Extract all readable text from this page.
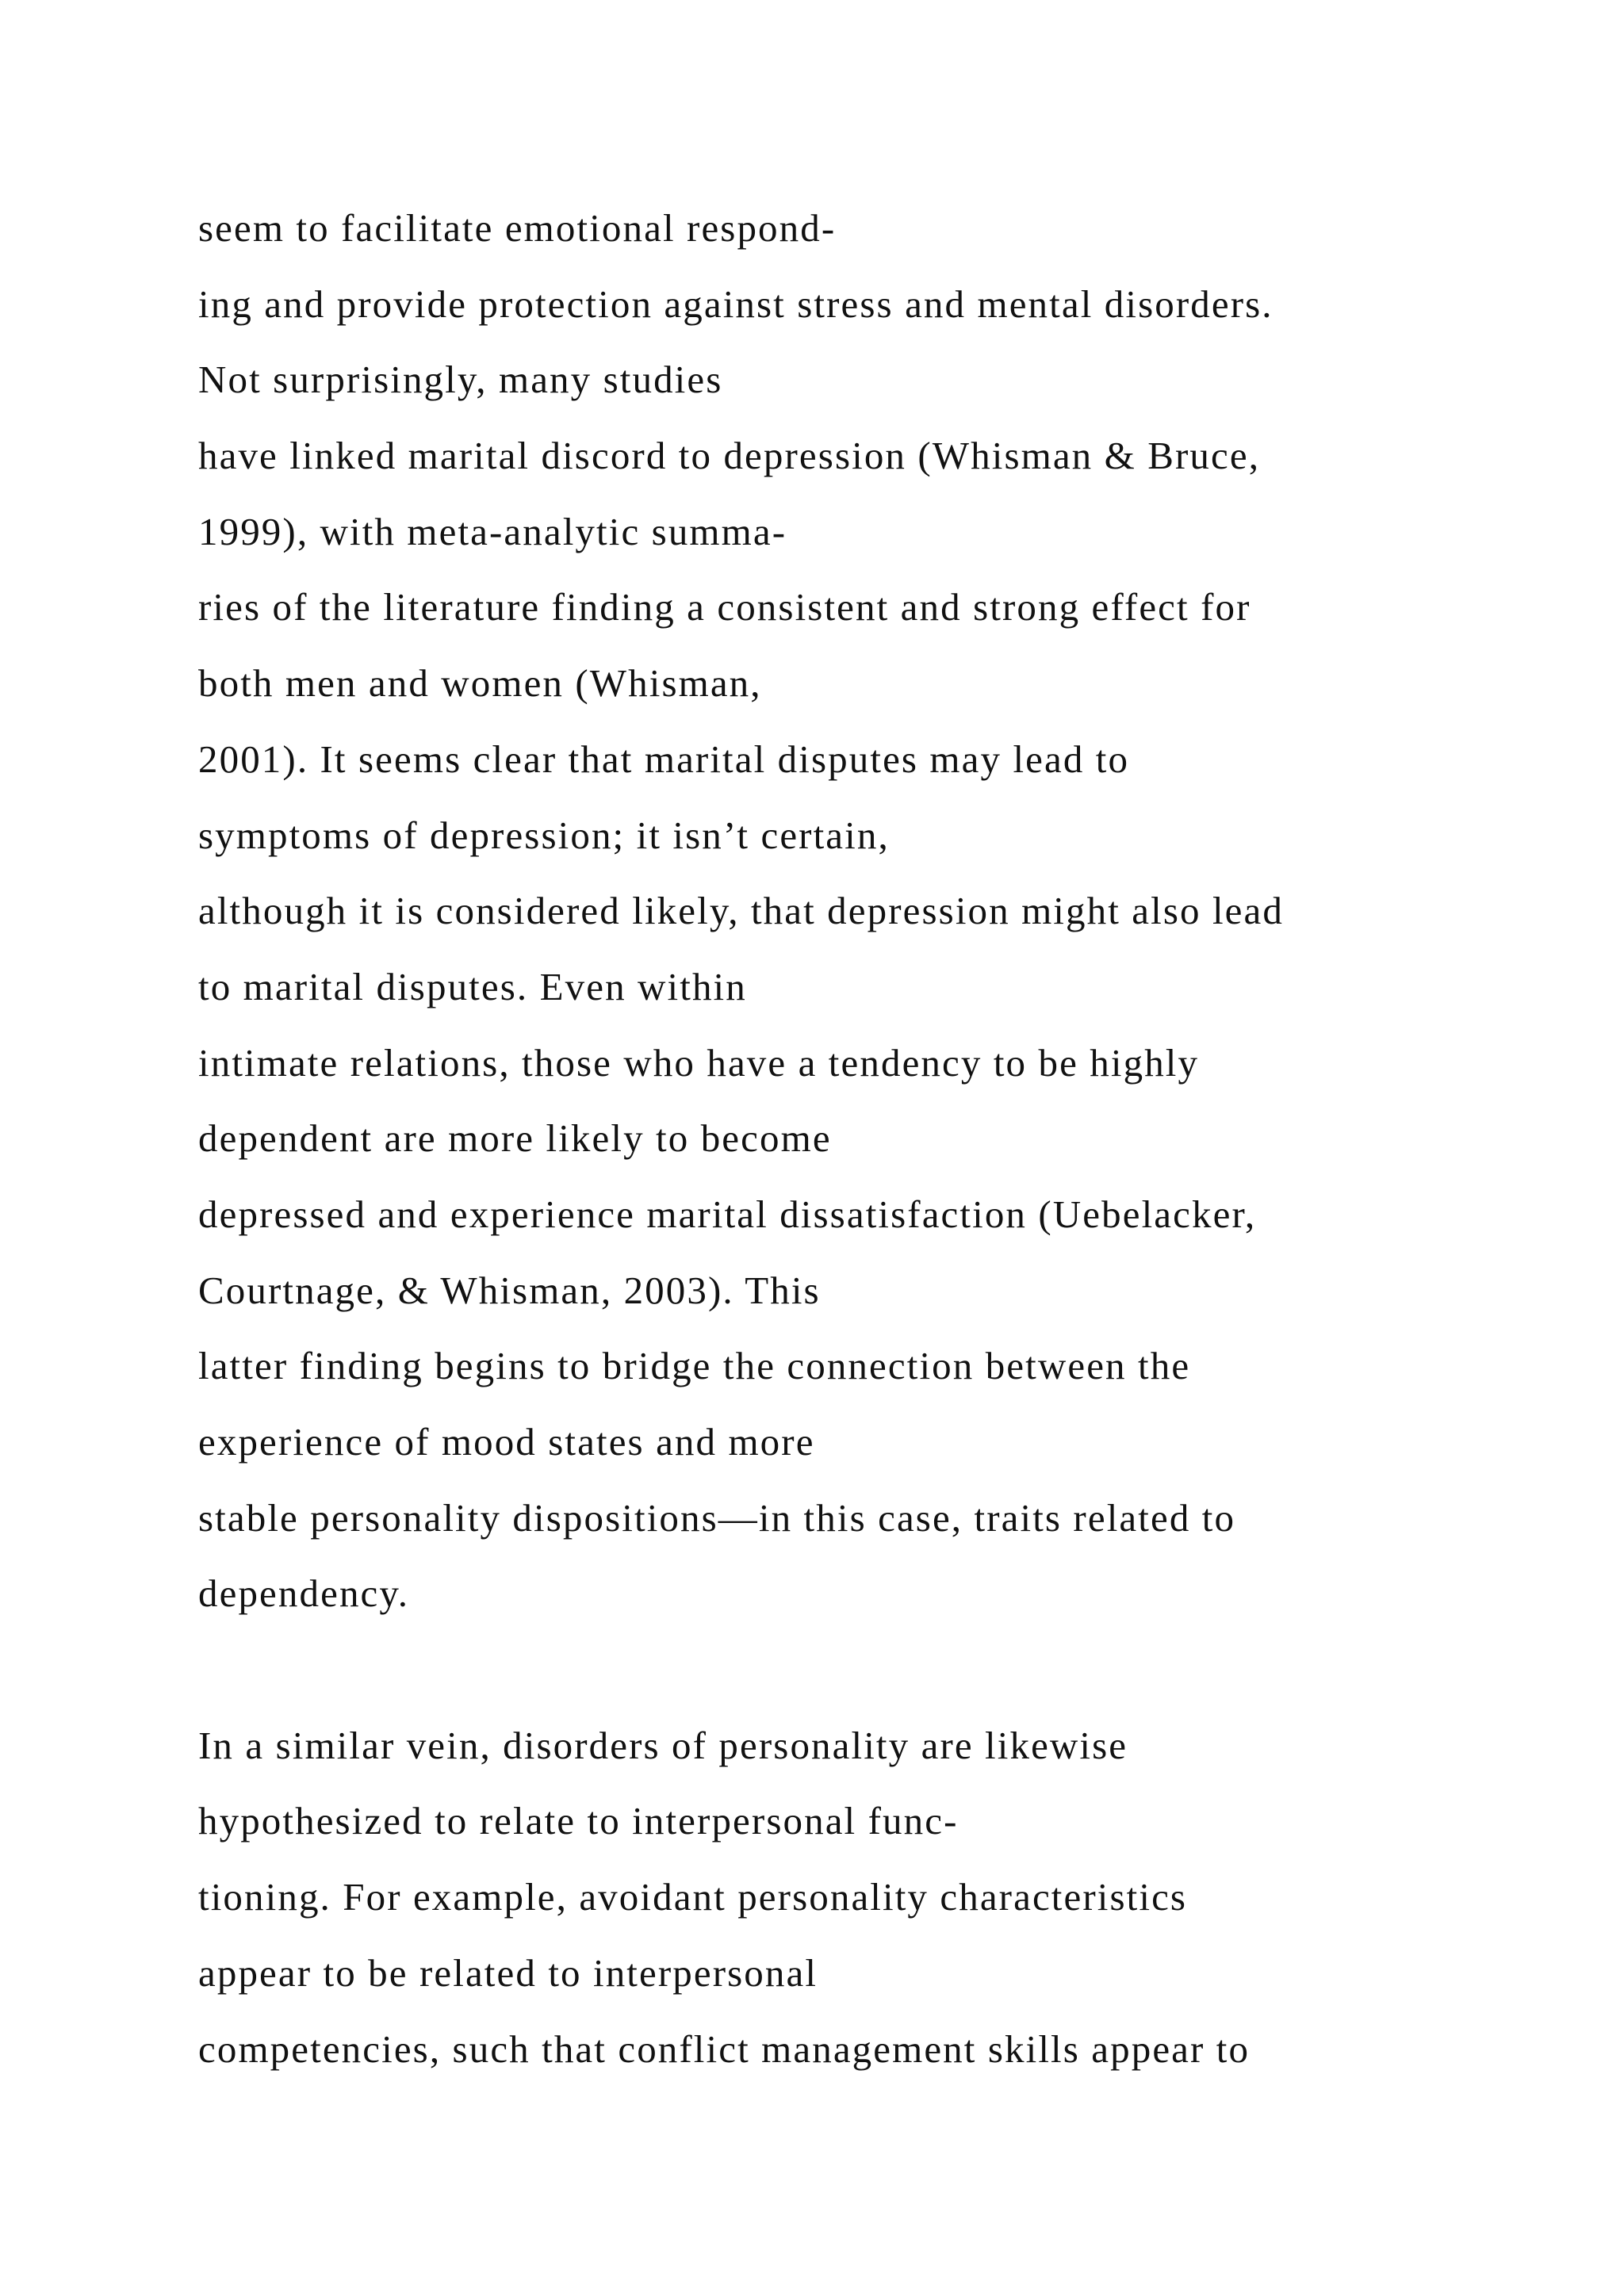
seem to facilitate emotional respond-
ing and provide protection against stress and mental disorders.
Not surprisingly, many studies
have linked marital discord to depression (Whisman & Bruce,
1999), with meta-analytic summa-
ries of the literature finding a consistent and strong effect for
both men and women (Whisman,
2001). It seems clear that marital disputes may lead to
symptoms of depression; it isn’t certain,
although it is considered likely, that depression might also lead
to marital disputes. Even within
intimate relations, those who have a tendency to be highly
dependent are more likely to become
depressed and experience marital dissatisfaction (Uebelacker,
Courtnage, & Whisman, 2003). This
latter finding begins to bridge the connection between the
experience of mood states and more
stable personality dispositions—in this case, traits related to
dependency.
In a similar vein, disorders of personality are likewise
hypothesized to relate to interpersonal func-
tioning. For example, avoidant personality characteristics
appear to be related to interpersonal
competencies, such that conflict management skills appear to
